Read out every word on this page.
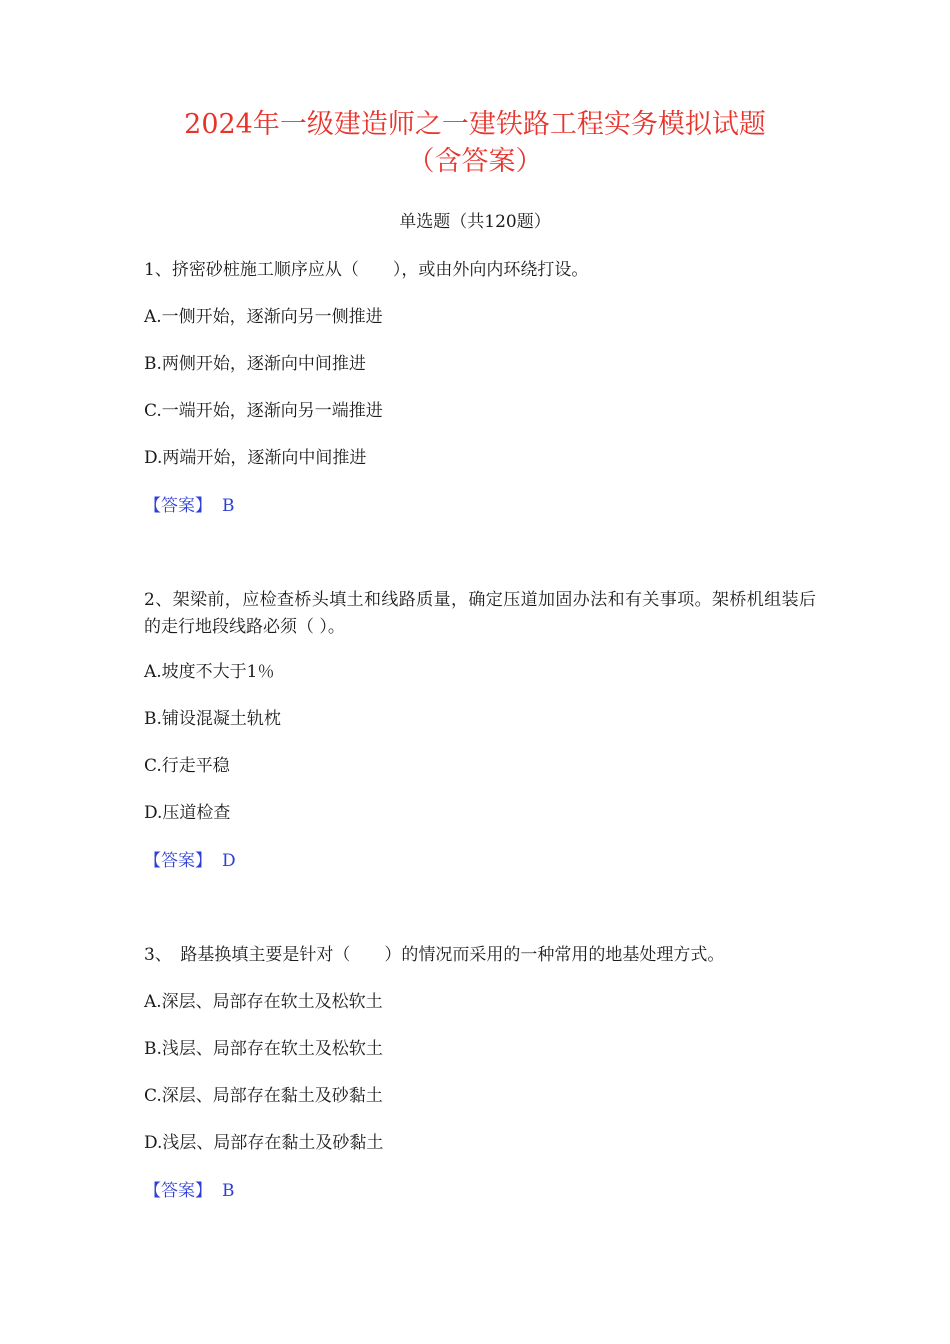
2024年一级建造师之一建铁路工程实务模拟试题
（含答案）
单选题（共120题）
1、挤密砂桩施工顺序应从（　　），或由外向内环绕打设。
A.一侧开始，逐渐向另一侧推进
B.两侧开始，逐渐向中间推进
C.一端开始，逐渐向另一端推进
D.两端开始，逐渐向中间推进
【答案】 B
2、架梁前，应检查桥头填土和线路质量，确定压道加固办法和有关事项。架桥机组装后的走行地段线路必须（ ）。
A.坡度不大于1％
B.铺设混凝土轨枕
C.行走平稳
D.压道检查
【答案】 D
3、　路基换填主要是针对（　　）的情况而采用的一种常用的地基处理方式。
A.深层、局部存在软土及松软土
B.浅层、局部存在软土及松软土
C.深层、局部存在黏土及砂黏土
D.浅层、局部存在黏土及砂黏土
【答案】 B
